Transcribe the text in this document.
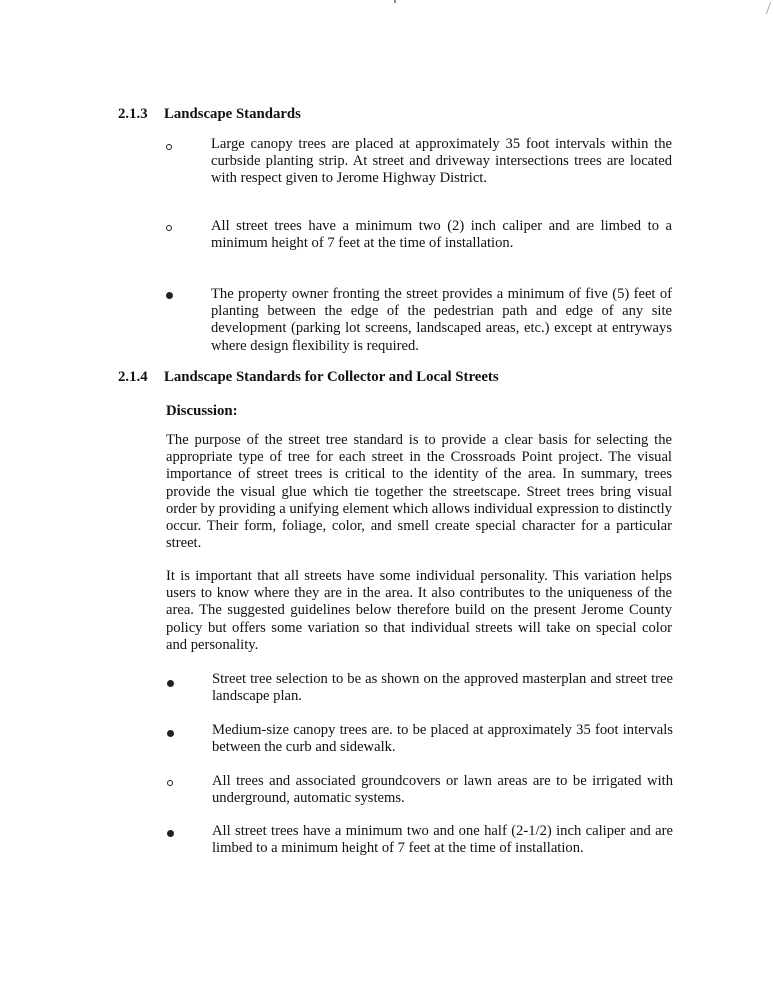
2.1.3 Landscape Standards
Large canopy trees are placed at approximately 35 foot intervals within the curbside planting strip. At street and driveway intersections trees are located with respect given to Jerome Highway District.
All street trees have a minimum two (2) inch caliper and are limbed to a minimum height of 7 feet at the time of installation.
The property owner fronting the street provides a minimum of five (5) feet of planting between the edge of the pedestrian path and edge of any site development (parking lot screens, landscaped areas, etc.) except at entryways where design flexibility is required.
2.1.4 Landscape Standards for Collector and Local Streets
Discussion:
The purpose of the street tree standard is to provide a clear basis for selecting the appropriate type of tree for each street in the Crossroads Point project. The visual importance of street trees is critical to the identity of the area. In summary, trees provide the visual glue which tie together the streetscape. Street trees bring visual order by providing a unifying element which allows individual expression to distinctly occur. Their form, foliage, color, and smell create special character for a particular street.
It is important that all streets have some individual personality. This variation helps users to know where they are in the area. It also contributes to the uniqueness of the area. The suggested guidelines below therefore build on the present Jerome County policy but offers some variation so that individual streets will take on special color and personality.
Street tree selection to be as shown on the approved masterplan and street tree landscape plan.
Medium-size canopy trees are. to be placed at approximately 35 foot intervals between the curb and sidewalk.
All trees and associated groundcovers or lawn areas are to be irrigated with underground, automatic systems.
All street trees have a minimum two and one half (2-1/2) inch caliper and are limbed to a minimum height of 7 feet at the time of installation.
